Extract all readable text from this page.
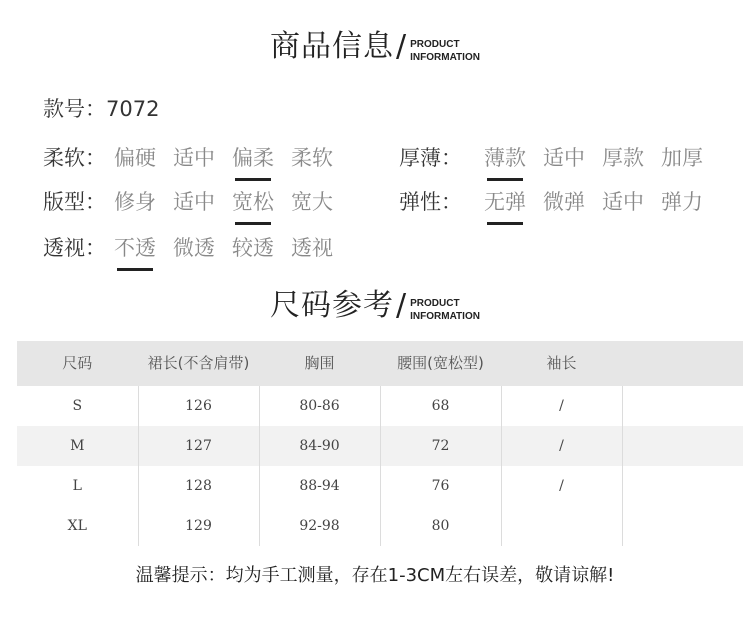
商品信息 / PRODUCT
INFORMATION
款号：7072
柔软： 偏硬 适中 偏柔 柔软
版型： 修身 适中 宽松 宽大
透视： 不透 微透 较透 透视
厚薄：	薄款 适中 厚款 加厚
弹性：	无弹 微弹 适中 弹力
尺码参考 / PRODUCT
INFORMATION
尺码	裙长(不含肩带)	胸围	腰围(宽松型)	袖长	
S	126	80-86	68	/	
M	127	84-90	72	/	
L	128	88-94	76	/	
XL	129	92-98	80		
温馨提示：均为手工测量，存在1-3CM左右误差，敬请谅解!
